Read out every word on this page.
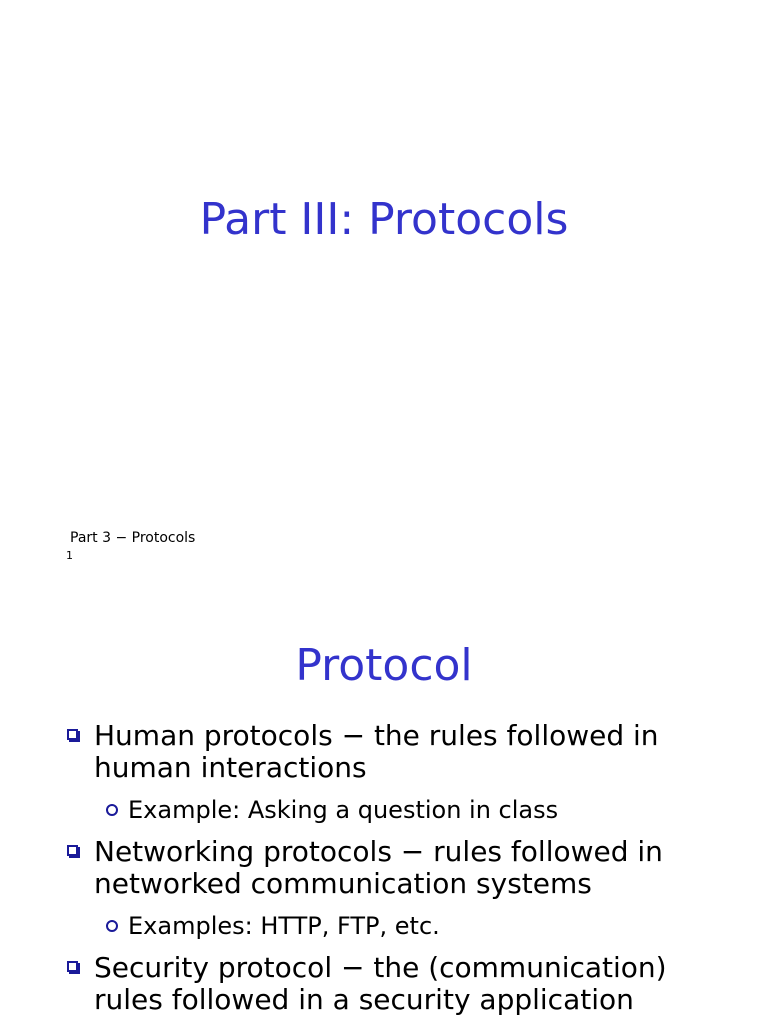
Part III: Protocols
Part 3 − Protocols
1
Protocol
Human protocols − the rules followed in human interactions
Example: Asking a question in class
Networking protocols − rules followed in networked communication systems
Examples: HTTP, FTP, etc.
Security protocol − the (communication) rules followed in a security application
